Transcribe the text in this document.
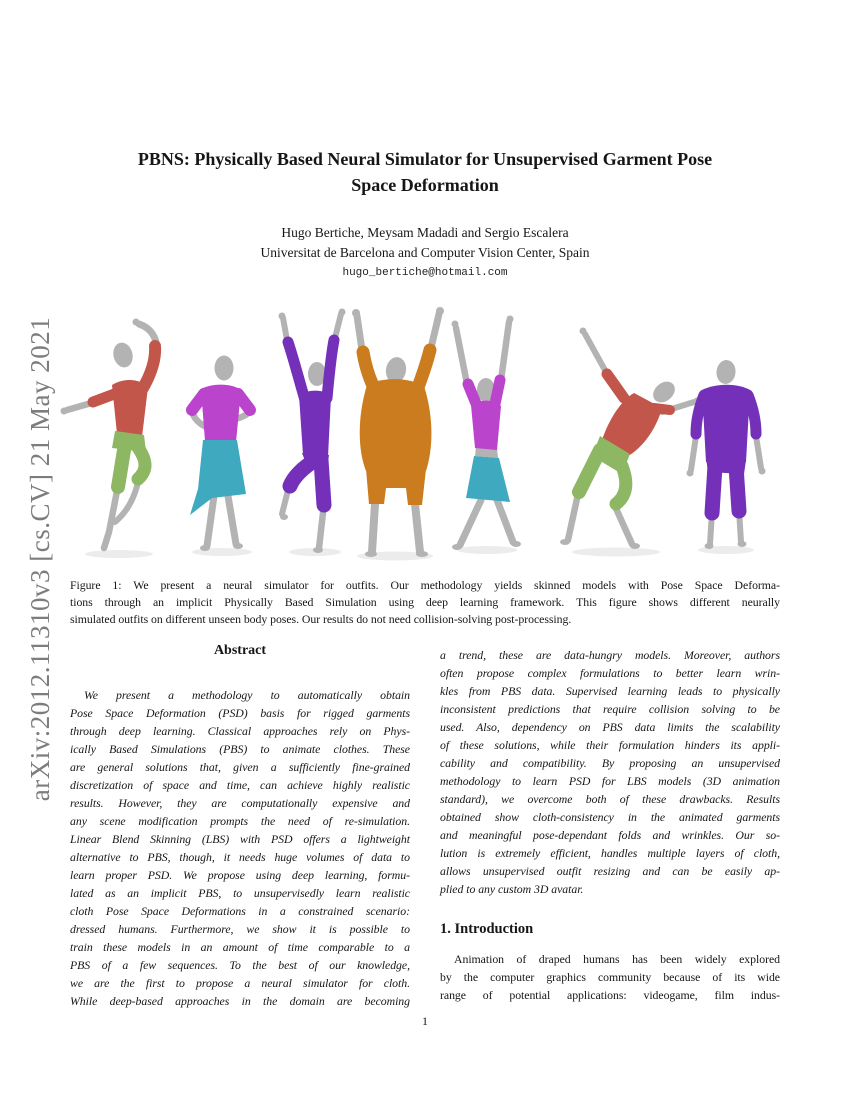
arXiv:2012.11310v3 [cs.CV] 21 May 2021
PBNS: Physically Based Neural Simulator for Unsupervised Garment Pose
Space Deformation
Hugo Bertiche, Meysam Madadi and Sergio Escalera
Universitat de Barcelona and Computer Vision Center, Spain
hugo_bertiche@hotmail.com
Figure 1: We present a neural simulator for outfits. Our methodology yields skinned models with Pose Space Deforma-
tions through an implicit Physically Based Simulation using deep learning framework. This figure shows different neurally
simulated outfits on different unseen body poses. Our results do not need collision-solving post-processing.
Abstract
We present a methodology to automatically obtain
Pose Space Deformation (PSD) basis for rigged garments
through deep learning. Classical approaches rely on Phys-
ically Based Simulations (PBS) to animate clothes. These
are general solutions that, given a sufficiently fine-grained
discretization of space and time, can achieve highly realistic
results. However, they are computationally expensive and
any scene modification prompts the need of re-simulation.
Linear Blend Skinning (LBS) with PSD offers a lightweight
alternative to PBS, though, it needs huge volumes of data to
learn proper PSD. We propose using deep learning, formu-
lated as an implicit PBS, to unsupervisedly learn realistic
cloth Pose Space Deformations in a constrained scenario:
dressed humans. Furthermore, we show it is possible to
train these models in an amount of time comparable to a
PBS of a few sequences. To the best of our knowledge,
we are the first to propose a neural simulator for cloth.
While deep-based approaches in the domain are becoming
a trend, these are data-hungry models. Moreover, authors
often propose complex formulations to better learn wrin-
kles from PBS data. Supervised learning leads to physically
inconsistent predictions that require collision solving to be
used. Also, dependency on PBS data limits the scalability
of these solutions, while their formulation hinders its appli-
cability and compatibility. By proposing an unsupervised
methodology to learn PSD for LBS models (3D animation
standard), we overcome both of these drawbacks. Results
obtained show cloth-consistency in the animated garments
and meaningful pose-dependant folds and wrinkles. Our so-
lution is extremely efficient, handles multiple layers of cloth,
allows unsupervised outfit resizing and can be easily ap-
plied to any custom 3D avatar.
1. Introduction
Animation of draped humans has been widely explored
by the computer graphics community because of its wide
range of potential applications: videogame, film indus-
1
